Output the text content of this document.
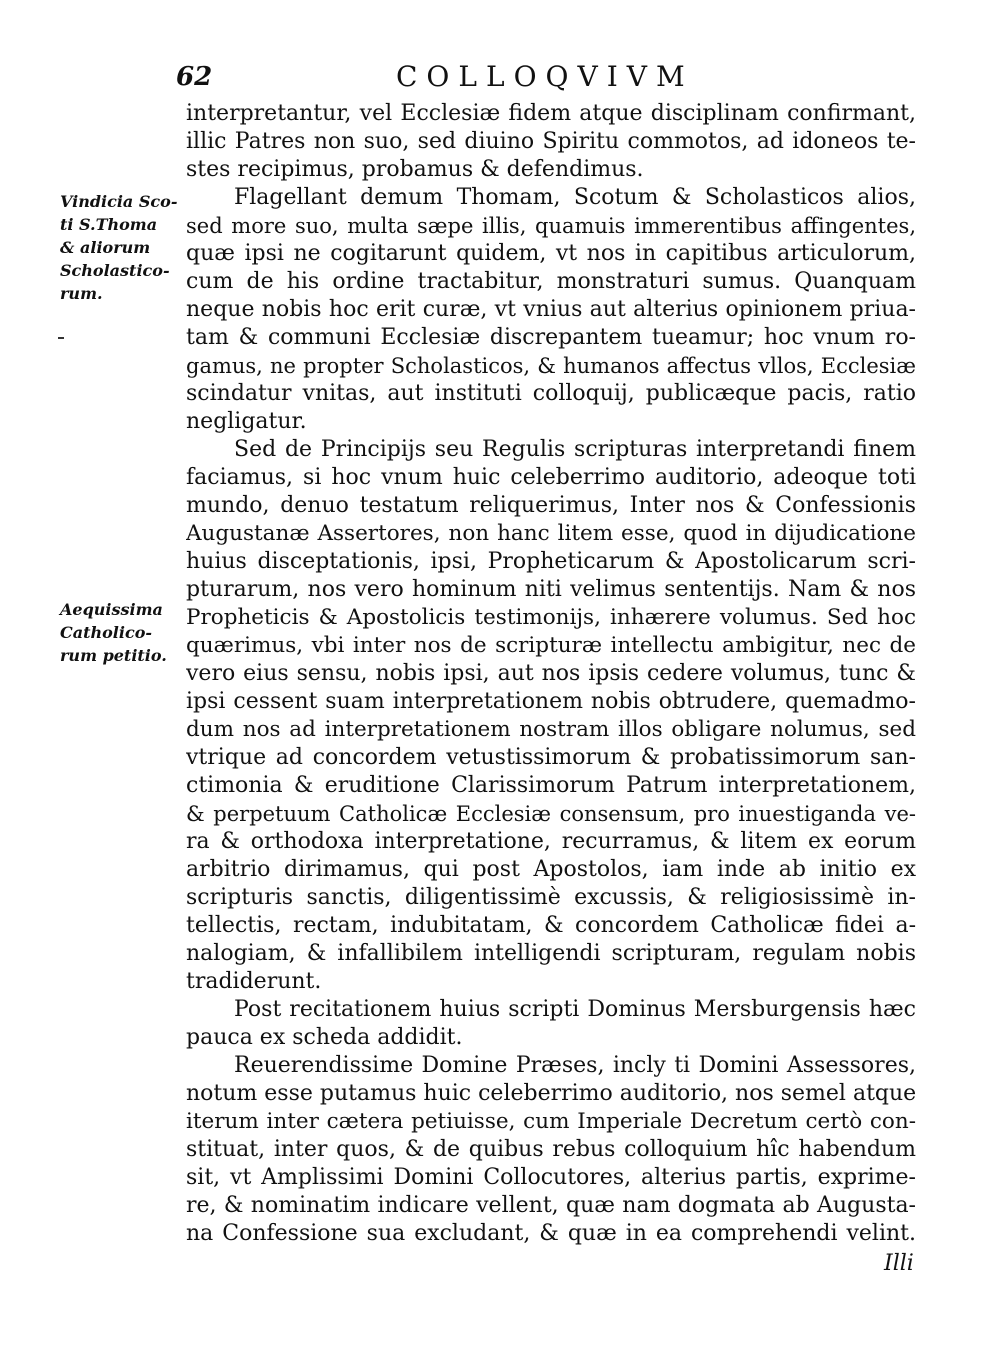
62	COLLOQVIVM
Vindicia Sco-
ti S.Thoma
& aliorum
Scholastico-
rum.
Aequissima
Catholico-
rum petitio.
interpretantur, vel Ecclesiæ fidem atque disciplinam confirmant,
illic Patres non suo, sed diuino Spiritu commotos, ad idoneos te-
stes recipimus, probamus & defendimus.
Flagellant demum Thomam, Scotum & Scholasticos alios,
sed more suo, multa sæpe illis, quamuis immerentibus affingentes,
quæ ipsi ne cogitarunt quidem, vt nos in capitibus articulorum,
cum de his ordine tractabitur, monstraturi sumus. Quanquam
neque nobis hoc erit curæ, vt vnius aut alterius opinionem priua-
tam & communi Ecclesiæ discrepantem tueamur; hoc vnum ro-
gamus, ne propter Scholasticos, & humanos affectus vllos, Ecclesiæ
scindatur vnitas, aut instituti colloquij, publicæque pacis, ratio
negligatur.
Sed de Principijs seu Regulis scripturas interpretandi finem
faciamus, si hoc vnum huic celeberrimo auditorio, adeoque toti
mundo, denuo testatum reliquerimus, Inter nos & Confessionis
Augustanæ Assertores, non hanc litem esse, quod in dijudicatione
huius disceptationis, ipsi, Propheticarum & Apostolicarum scri-
pturarum, nos vero hominum niti velimus sententijs. Nam & nos
Propheticis & Apostolicis testimonijs, inhærere volumus. Sed hoc
quærimus, vbi inter nos de scripturæ intellectu ambigitur, nec de
vero eius sensu, nobis ipsi, aut nos ipsis cedere volumus, tunc &
ipsi cessent suam interpretationem nobis obtrudere, quemadmo-
dum nos ad interpretationem nostram illos obligare nolumus, sed
vtrique ad concordem vetustissimorum & probatissimorum san-
ctimonia & eruditione Clarissimorum Patrum interpretationem,
& perpetuum Catholicæ Ecclesiæ consensum, pro inuestiganda ve-
ra & orthodoxa interpretatione, recurramus, & litem ex eorum
arbitrio dirimamus, qui post Apostolos, iam inde ab initio ex
scripturis sanctis, diligentissimè excussis, & religiosissimè in-
tellectis, rectam, indubitatam, & concordem Catholicæ fidei a-
nalogiam, & infallibilem intelligendi scripturam, regulam nobis
tradiderunt.
Post recitationem huius scripti Dominus Mersburgensis hæc
pauca ex scheda addidit.
Reuerendissime Domine Præses, incly ti Domini Assessores,
notum esse putamus huic celeberrimo auditorio, nos semel atque
iterum inter cætera petiuisse, cum Imperiale Decretum certò con-
stituat, inter quos, & de quibus rebus colloquium hîc habendum
sit, vt Amplissimi Domini Collocutores, alterius partis, exprime-
re, & nominatim indicare vellent, quæ nam dogmata ab Augusta-
na Confessione sua excludant, & quæ in ea comprehendi velint.
Illi
